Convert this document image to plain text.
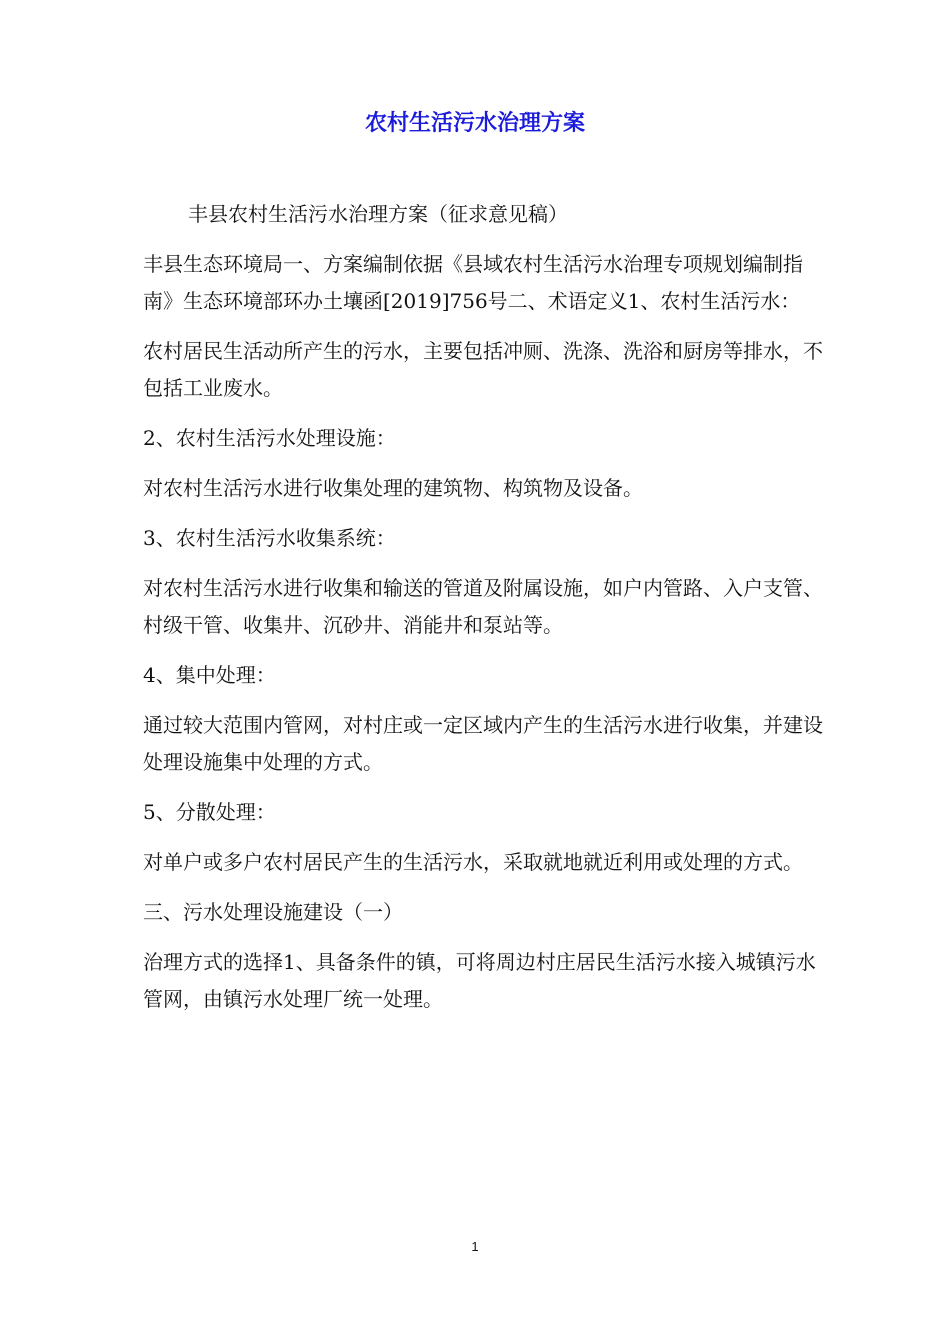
农村生活污水治理方案

丰县农村生活污水治理方案（征求意见稿）

丰县生态环境局一、方案编制依据《县域农村生活污水治理专项规划编制指南》生态环境部环办土壤函[2019]756号二、术语定义1、农村生活污水：

农村居民生活动所产生的污水，主要包括冲厕、洗涤、洗浴和厨房等排水，不包括工业废水。

2、农村生活污水处理设施：

对农村生活污水进行收集处理的建筑物、构筑物及设备。

3、农村生活污水收集系统：

对农村生活污水进行收集和输送的管道及附属设施，如户内管路、入户支管、村级干管、收集井、沉砂井、消能井和泵站等。

4、集中处理：

通过较大范围内管网，对村庄或一定区域内产生的生活污水进行收集，并建设处理设施集中处理的方式。

5、分散处理：

对单户或多户农村居民产生的生活污水，采取就地就近利用或处理的方式。

三、污水处理设施建设（一）

治理方式的选择1、具备条件的镇，可将周边村庄居民生活污水接入城镇污水管网，由镇污水处理厂统一处理。

1
